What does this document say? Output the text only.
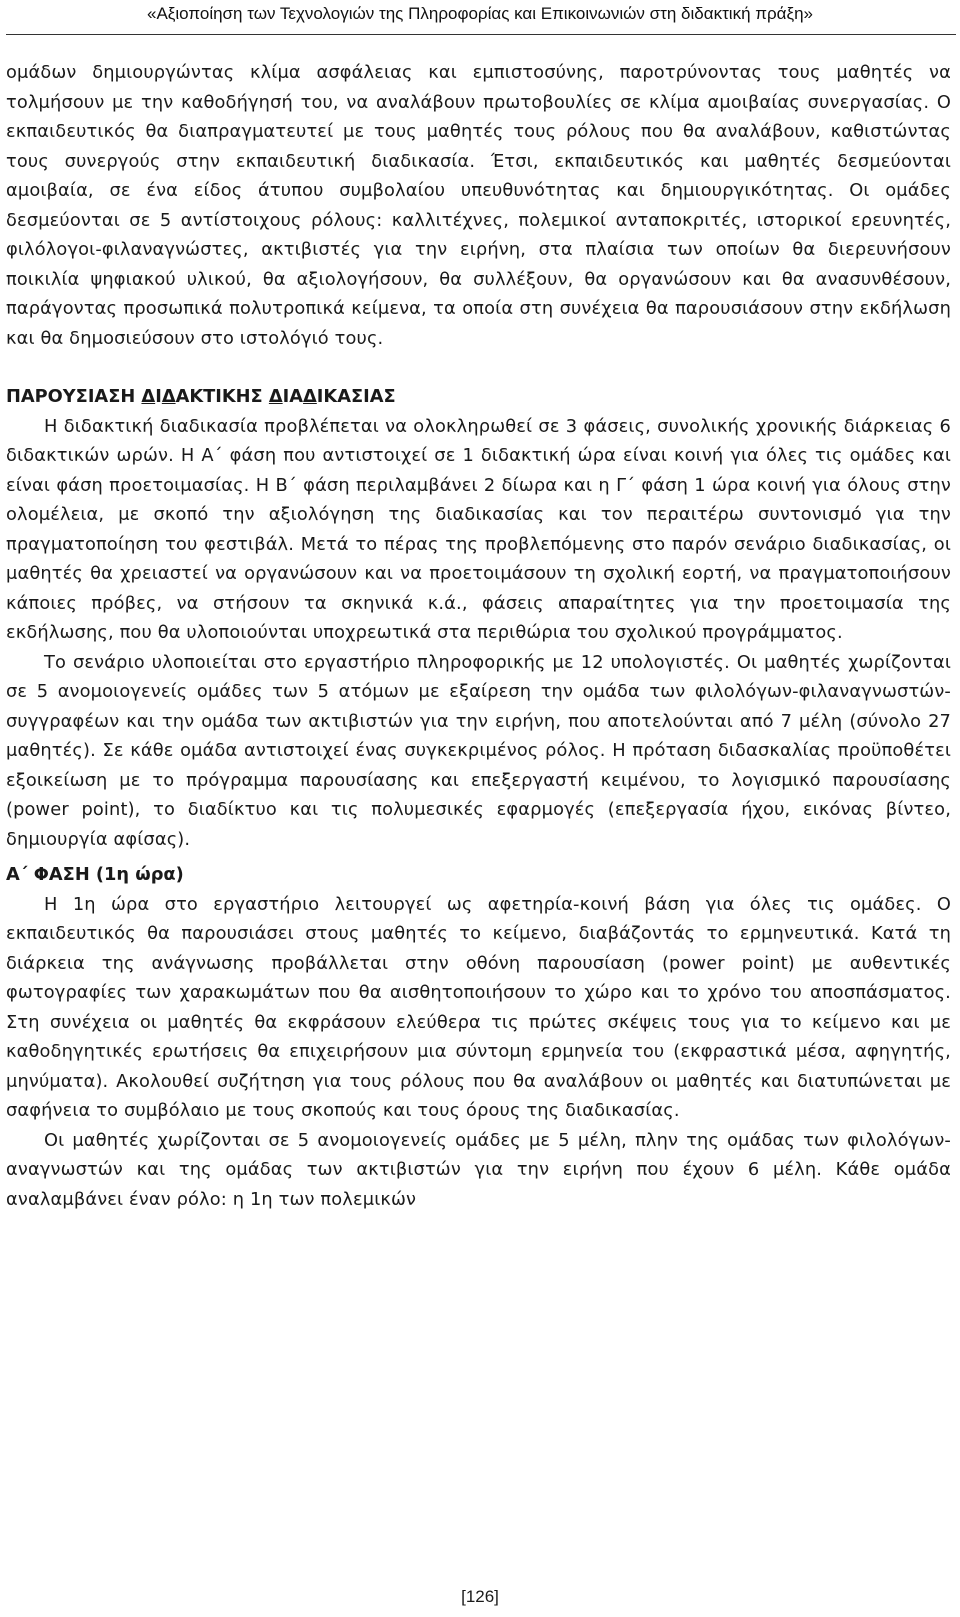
«Αξιοποίηση των Τεχνολογιών της Πληροφορίας και Επικοινωνιών στη διδακτική πράξη»

ομάδων δημιουργώντας κλίμα ασφάλειας και εμπιστοσύνης, παροτρύνοντας τους μαθητές να τολμήσουν με την καθοδήγησή του, να αναλάβουν πρωτοβουλίες σε κλίμα αμοιβαίας συνεργασίας. Ο εκπαιδευτικός θα διαπραγματευτεί με τους μαθητές τους ρόλους που θα αναλάβουν, καθιστώντας τους συνεργούς στην εκπαιδευτική διαδικασία. Έτσι, εκπαιδευτικός και μαθητές δεσμεύονται αμοιβαία, σε ένα είδος άτυπου συμβολαίου υπευθυνότητας και δημιουργικότητας. Οι ομάδες δεσμεύονται σε 5 αντίστοιχους ρόλους: καλλιτέχνες, πολεμικοί ανταποκριτές, ιστορικοί ερευνητές, φιλόλογοι-φιλαναγνώστες, ακτιβιστές για την ειρήνη, στα πλαίσια των οποίων θα διερευνήσουν ποικιλία ψηφιακού υλικού, θα αξιολογήσουν, θα συλλέξουν, θα οργανώσουν και θα ανασυνθέσουν, παράγοντας προσωπικά πολυτροπικά κείμενα, τα οποία στη συνέχεια θα παρουσιάσουν στην εκδήλωση και θα δημοσιεύσουν στο ιστολόγιό τους.

ΠΑΡΟΥΣΙΑΣΗ ΔΙΔΑΚΤΙΚΗΣ ΔΙΑΔΙΚΑΣΙΑΣ

Η διδακτική διαδικασία προβλέπεται να ολοκληρωθεί σε 3 φάσεις, συνολικής χρονικής διάρκειας 6 διδακτικών ωρών. Η Α΄ φάση που αντιστοιχεί σε 1 διδακτική ώρα είναι κοινή για όλες τις ομάδες και είναι φάση προετοιμασίας. Η Β΄ φάση περιλαμβάνει 2 δίωρα και η Γ΄ φάση 1 ώρα κοινή για όλους στην ολομέλεια, με σκοπό την αξιολόγηση της διαδικασίας και τον περαιτέρω συντονισμό για την πραγματοποίηση του φεστιβάλ. Μετά το πέρας της προβλεπόμενης στο παρόν σενάριο διαδικασίας, οι μαθητές θα χρειαστεί να οργανώσουν και να προετοιμάσουν τη σχολική εορτή, να πραγματοποιήσουν κάποιες πρόβες, να στήσουν τα σκηνικά κ.ά., φάσεις απαραίτητες για την προετοιμασία της εκδήλωσης, που θα υλοποιούνται υποχρεωτικά στα περιθώρια του σχολικού προγράμματος.

Το σενάριο υλοποιείται στο εργαστήριο πληροφορικής με 12 υπολογιστές. Οι μαθητές χωρίζονται σε 5 ανομοιογενείς ομάδες των 5 ατόμων με εξαίρεση την ομάδα των φιλολόγων-φιλαναγνωστών-συγγραφέων και την ομάδα των ακτιβιστών για την ειρήνη, που αποτελούνται από 7 μέλη (σύνολο 27 μαθητές). Σε κάθε ομάδα αντιστοιχεί ένας συγκεκριμένος ρόλος. Η πρόταση διδασκαλίας προϋποθέτει εξοικείωση με το πρόγραμμα παρουσίασης και επεξεργαστή κειμένου, το λογισμικό παρουσίασης (power point), το διαδίκτυο και τις πολυμεσικές εφαρμογές (επεξεργασία ήχου, εικόνας βίντεο, δημιουργία αφίσας).

Α΄ ΦΑΣΗ (1η ώρα)

Η 1η ώρα στο εργαστήριο λειτουργεί ως αφετηρία-κοινή βάση για όλες τις ομάδες. Ο εκπαιδευτικός θα παρουσιάσει στους μαθητές το κείμενο, διαβάζοντάς το ερμηνευτικά. Κατά τη διάρκεια της ανάγνωσης προβάλλεται στην οθόνη παρουσίαση (power point) με αυθεντικές φωτογραφίες των χαρακωμάτων που θα αισθητοποιήσουν το χώρο και το χρόνο του αποσπάσματος. Στη συνέχεια οι μαθητές θα εκφράσουν ελεύθερα τις πρώτες σκέψεις τους για το κείμενο και με καθοδηγητικές ερωτήσεις θα επιχειρήσουν μια σύντομη ερμηνεία του (εκφραστικά μέσα, αφηγητής, μηνύματα). Ακολουθεί συζήτηση για τους ρόλους που θα αναλάβουν οι μαθητές και διατυπώνεται με σαφήνεια το συμβόλαιο με τους σκοπούς και τους όρους της διαδικασίας.

Οι μαθητές χωρίζονται σε 5 ανομοιογενείς ομάδες με 5 μέλη, πλην της ομάδας των φιλολόγων-αναγνωστών και της ομάδας των ακτιβιστών για την ειρήνη που έχουν 6 μέλη. Κάθε ομάδα αναλαμβάνει έναν ρόλο: η 1η των πολεμικών

[126]
